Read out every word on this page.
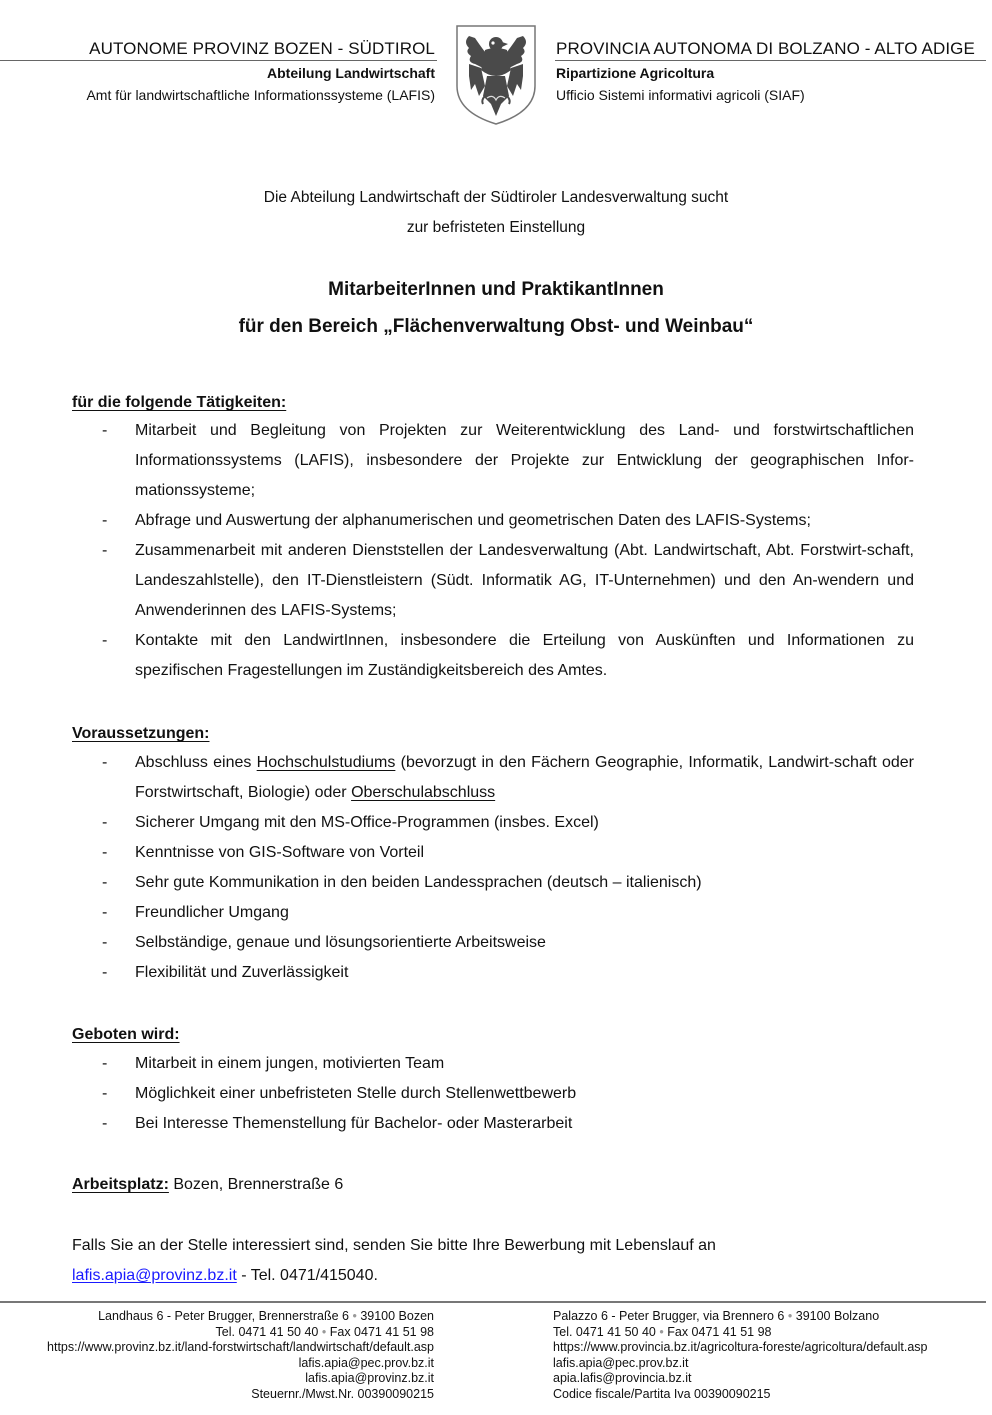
AUTONOME PROVINZ BOZEN - SÜDTIROL
Abteilung Landwirtschaft
Amt für landwirtschaftliche Informationssysteme (LAFIS)
PROVINCIA AUTONOMA DI BOLZANO - ALTO ADIGE
Ripartizione Agricoltura
Ufficio Sistemi informativi agricoli (SIAF)
Die Abteilung Landwirtschaft der Südtiroler Landesverwaltung sucht
zur befristeten Einstellung
MitarbeiterInnen und PraktikantInnen
für den Bereich „Flächenverwaltung Obst- und Weinbau“
für die folgende Tätigkeiten:
- Mitarbeit und Begleitung von Projekten zur Weiterentwicklung des Land- und forstwirtschaftlichen Informationssystems (LAFIS), insbesondere der Projekte zur Entwicklung der geographischen Infor-mationssysteme;
- Abfrage und Auswertung der alphanumerischen und geometrischen Daten des LAFIS-Systems;
- Zusammenarbeit mit anderen Dienststellen der Landesverwaltung (Abt. Landwirtschaft, Abt. Forstwirt-schaft, Landeszahlstelle), den IT-Dienstleistern (Südt. Informatik AG, IT-Unternehmen) und den An-wendern und Anwenderinnen des LAFIS-Systems;
- Kontakte mit den LandwirtInnen, insbesondere die Erteilung von Auskünften und Informationen zu spezifischen Fragestellungen im Zuständigkeitsbereich des Amtes.
Voraussetzungen:
- Abschluss eines Hochschulstudiums (bevorzugt in den Fächern Geographie, Informatik, Landwirt-schaft oder Forstwirtschaft, Biologie) oder Oberschulabschluss
- Sicherer Umgang mit den MS-Office-Programmen (insbes. Excel)
- Kenntnisse von GIS-Software von Vorteil
- Sehr gute Kommunikation in den beiden Landessprachen (deutsch – italienisch)
- Freundlicher Umgang
- Selbständige, genaue und lösungsorientierte Arbeitsweise
- Flexibilität und Zuverlässigkeit
Geboten wird:
- Mitarbeit in einem jungen, motivierten Team
- Möglichkeit einer unbefristeten Stelle durch Stellenwettbewerb
- Bei Interesse Themenstellung für Bachelor- oder Masterarbeit
Arbeitsplatz: Bozen, Brennerstraße 6
Falls Sie an der Stelle interessiert sind, senden Sie bitte Ihre Bewerbung mit Lebenslauf an
lafis.apia@provinz.bz.it - Tel. 0471/415040.
Landhaus 6 - Peter Brugger, Brennerstraße 6 • 39100 Bozen
Tel. 0471 41 50 40 • Fax 0471 41 51 98
https://www.provinz.bz.it/land-forstwirtschaft/landwirtschaft/default.asp
lafis.apia@pec.prov.bz.it
lafis.apia@provinz.bz.it
Steuernr./Mwst.Nr. 00390090215
Palazzo 6 - Peter Brugger, via Brennero 6 • 39100 Bolzano
Tel. 0471 41 50 40 • Fax 0471 41 51 98
https://www.provincia.bz.it/agricoltura-foreste/agricoltura/default.asp
lafis.apia@pec.prov.bz.it
apia.lafis@provincia.bz.it
Codice fiscale/Partita Iva 00390090215
